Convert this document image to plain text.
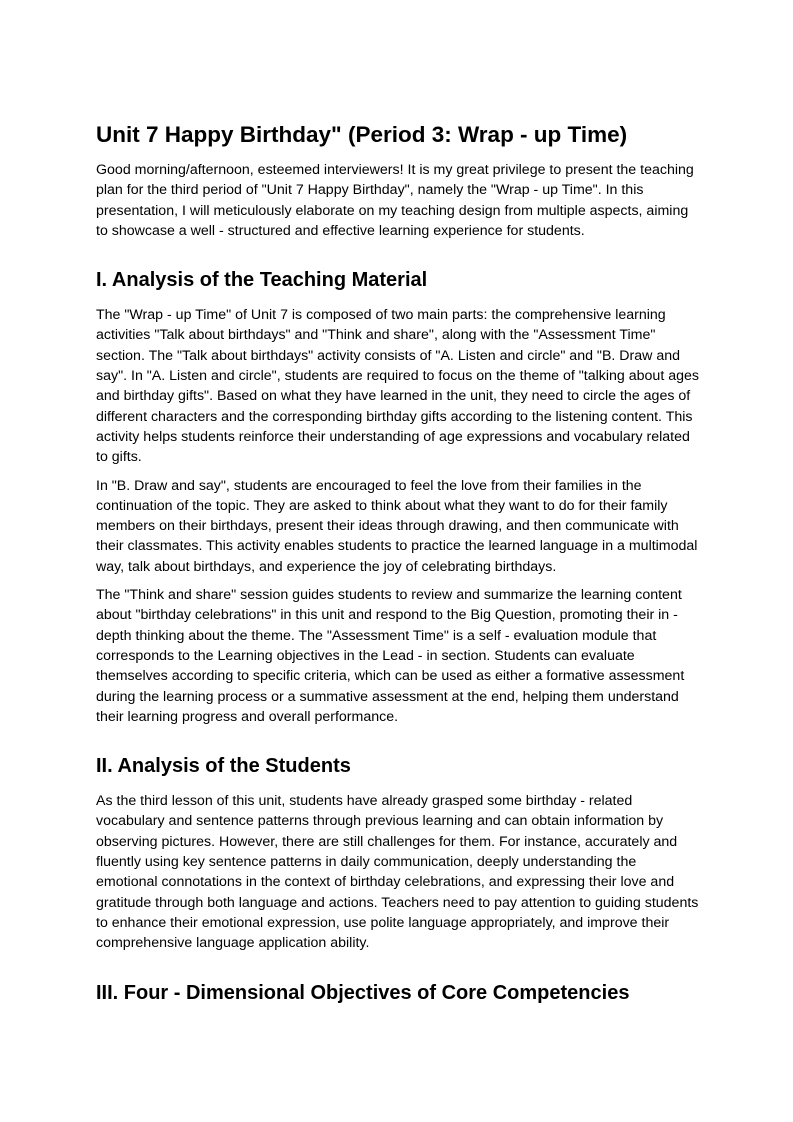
Unit 7 Happy Birthday" (Period 3: Wrap - up Time)

Good morning/afternoon, esteemed interviewers! It is my great privilege to present the teaching plan for the third period of "Unit 7 Happy Birthday", namely the "Wrap - up Time". In this presentation, I will meticulously elaborate on my teaching design from multiple aspects, aiming to showcase a well - structured and effective learning experience for students.

I. Analysis of the Teaching Material

The "Wrap - up Time" of Unit 7 is composed of two main parts: the comprehensive learning activities "Talk about birthdays" and "Think and share", along with the "Assessment Time" section. The "Talk about birthdays" activity consists of "A. Listen and circle" and "B. Draw and say". In "A. Listen and circle", students are required to focus on the theme of "talking about ages and birthday gifts". Based on what they have learned in the unit, they need to circle the ages of different characters and the corresponding birthday gifts according to the listening content. This activity helps students reinforce their understanding of age expressions and vocabulary related to gifts.

In "B. Draw and say", students are encouraged to feel the love from their families in the continuation of the topic. They are asked to think about what they want to do for their family members on their birthdays, present their ideas through drawing, and then communicate with their classmates. This activity enables students to practice the learned language in a multimodal way, talk about birthdays, and experience the joy of celebrating birthdays.

The "Think and share" session guides students to review and summarize the learning content about "birthday celebrations" in this unit and respond to the Big Question, promoting their in - depth thinking about the theme. The "Assessment Time" is a self - evaluation module that corresponds to the Learning objectives in the Lead - in section. Students can evaluate themselves according to specific criteria, which can be used as either a formative assessment during the learning process or a summative assessment at the end, helping them understand their learning progress and overall performance.

II. Analysis of the Students

As the third lesson of this unit, students have already grasped some birthday - related vocabulary and sentence patterns through previous learning and can obtain information by observing pictures. However, there are still challenges for them. For instance, accurately and fluently using key sentence patterns in daily communication, deeply understanding the emotional connotations in the context of birthday celebrations, and expressing their love and gratitude through both language and actions. Teachers need to pay attention to guiding students to enhance their emotional expression, use polite language appropriately, and improve their comprehensive language application ability.

III. Four - Dimensional Objectives of Core Competencies
